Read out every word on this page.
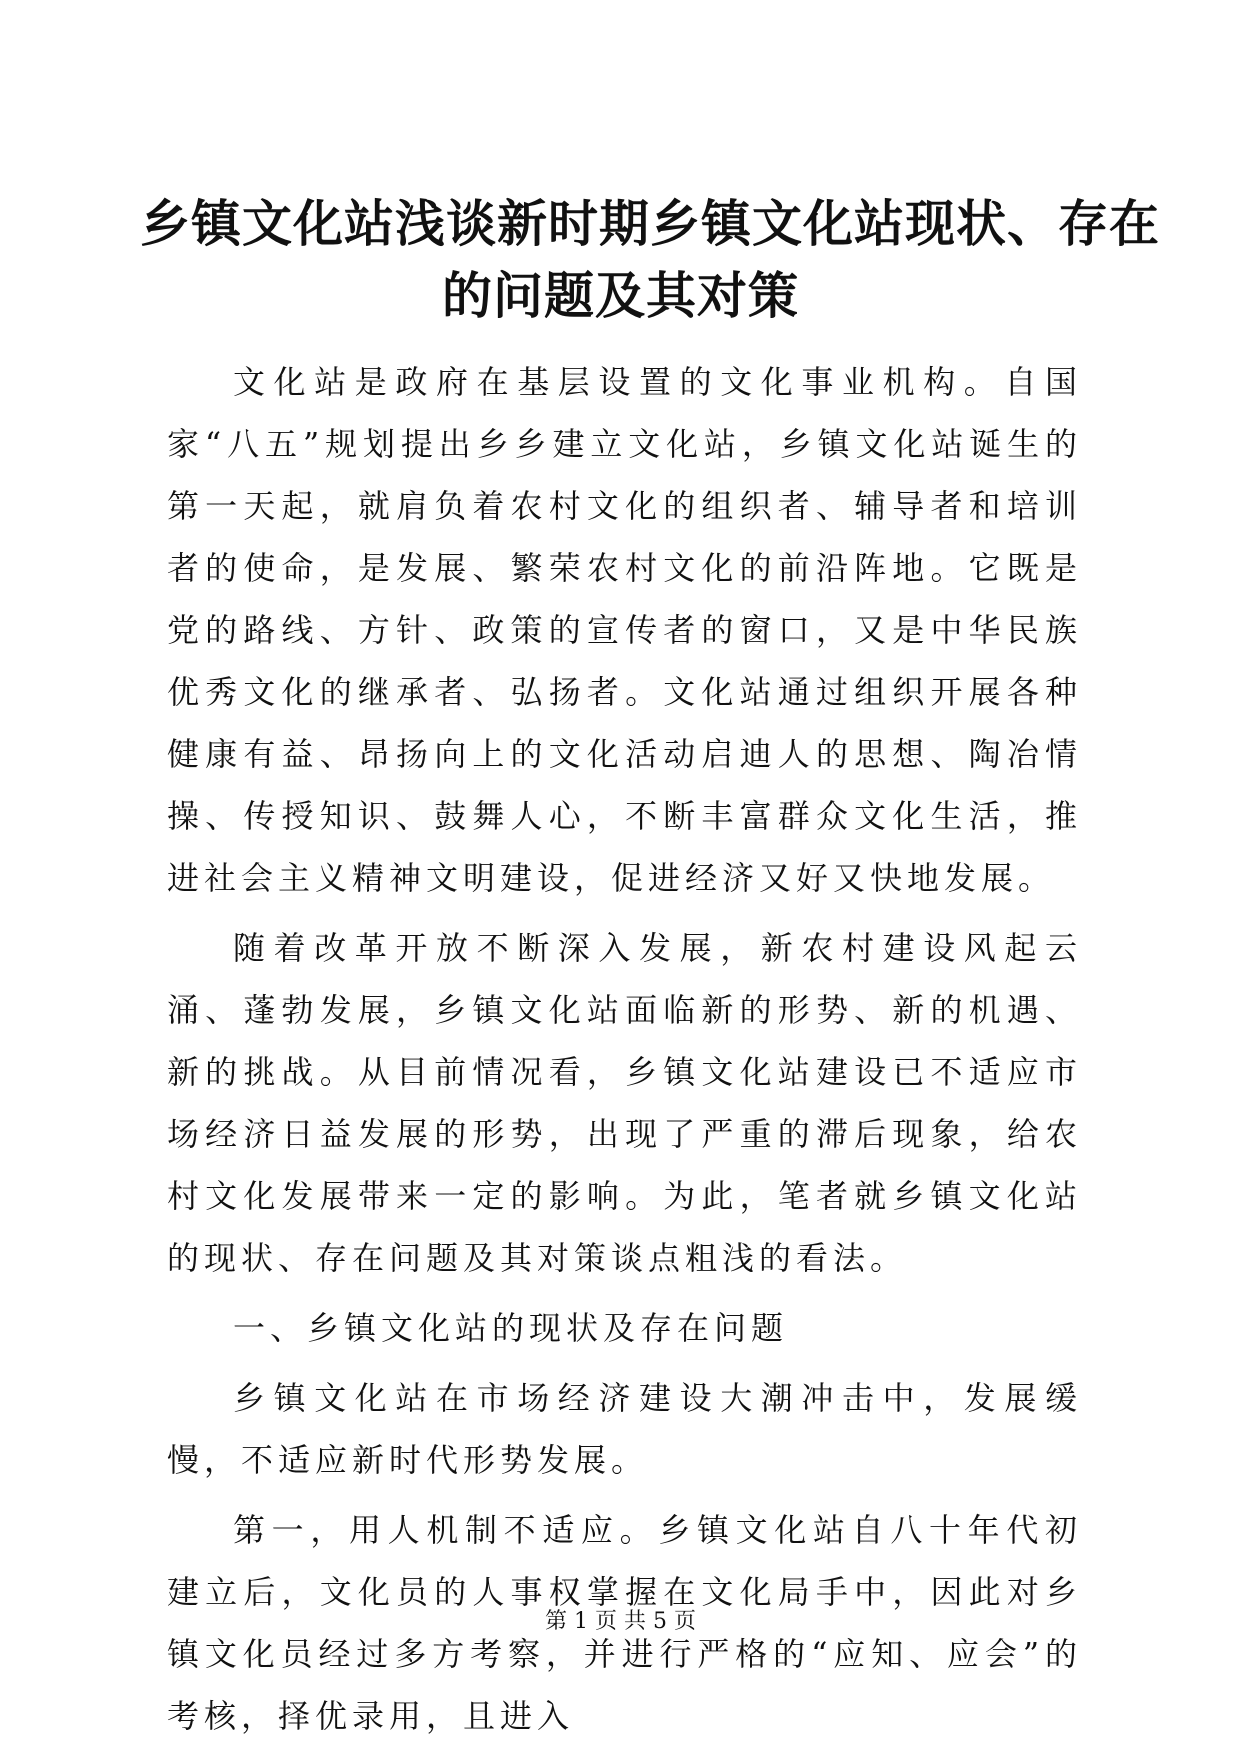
乡镇文化站浅谈新时期乡镇文化站现状、存在
的问题及其对策

文化站是政府在基层设置的文化事业机构。自国家“八五”规划提出乡乡建立文化站，乡镇文化站诞生的第一天起，就肩负着农村文化的组织者、辅导者和培训者的使命，是发展、繁荣农村文化的前沿阵地。它既是党的路线、方针、政策的宣传者的窗口，又是中华民族优秀文化的继承者、弘扬者。文化站通过组织开展各种健康有益、昂扬向上的文化活动启迪人的思想、陶冶情操、传授知识、鼓舞人心，不断丰富群众文化生活，推进社会主义精神文明建设，促进经济又好又快地发展。

随着改革开放不断深入发展，新农村建设风起云涌、蓬勃发展，乡镇文化站面临新的形势、新的机遇、新的挑战。从目前情况看，乡镇文化站建设已不适应市场经济日益发展的形势，出现了严重的滞后现象，给农村文化发展带来一定的影响。为此，笔者就乡镇文化站的现状、存在问题及其对策谈点粗浅的看法。

一、乡镇文化站的现状及存在问题

乡镇文化站在市场经济建设大潮冲击中，发展缓慢，不适应新时代形势发展。

第一，用人机制不适应。乡镇文化站自八十年代初建立后，文化员的人事权掌握在文化局手中，因此对乡镇文化员经过多方考察，并进行严格的“应知、应会”的考核，择优录用，且进入

第 1 页 共 5 页
